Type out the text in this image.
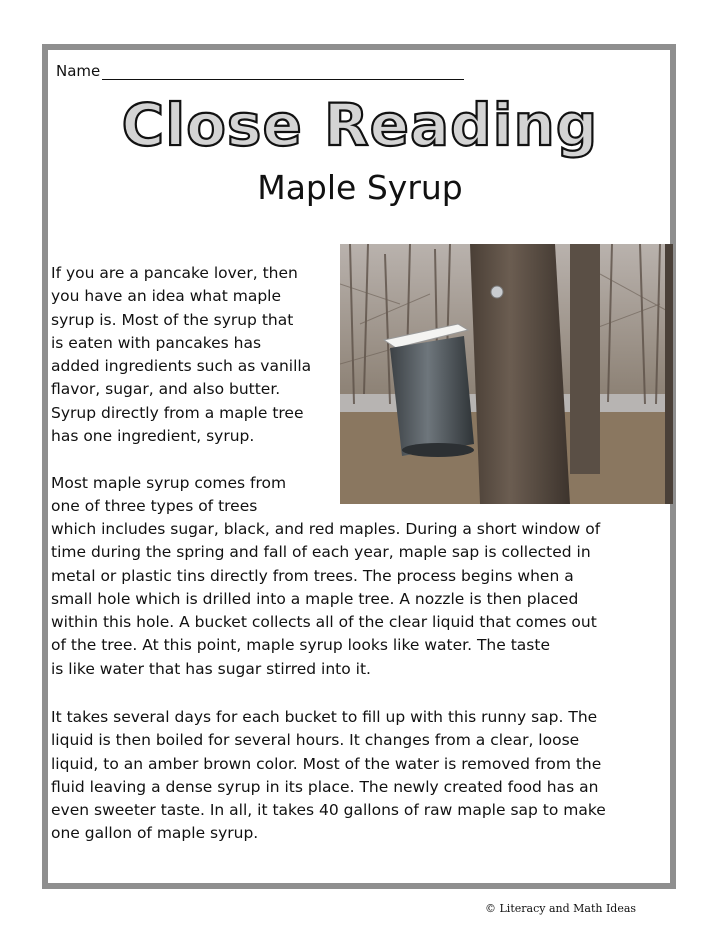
Name
Close Reading
Maple Syrup
If you are a pancake lover, then
you have an idea what maple
syrup is. Most of the syrup that
is eaten with pancakes has
added ingredients such as vanilla
flavor, sugar, and also butter.
Syrup directly from a maple tree
has one ingredient, syrup.
Most maple syrup comes from
one of three types of trees
which includes sugar, black, and red maples. During a short window of
time during the spring and fall of each year, maple sap is collected in
metal or plastic tins directly from trees. The process begins when a
small hole which is drilled into a maple tree. A nozzle is then placed
within this hole. A bucket collects all of the clear liquid that comes out
of the tree. At this point, maple syrup looks like water. The taste
is like water that has sugar stirred into it.
It takes several days for each bucket to fill up with this runny sap. The
liquid is then boiled for several hours. It changes from a clear, loose
liquid, to an amber brown color. Most of the water is removed from the
fluid leaving a dense syrup in its place. The newly created food has an
even sweeter taste. In all, it takes 40 gallons of raw maple sap to make
one gallon of maple syrup.
© Literacy and Math Ideas
